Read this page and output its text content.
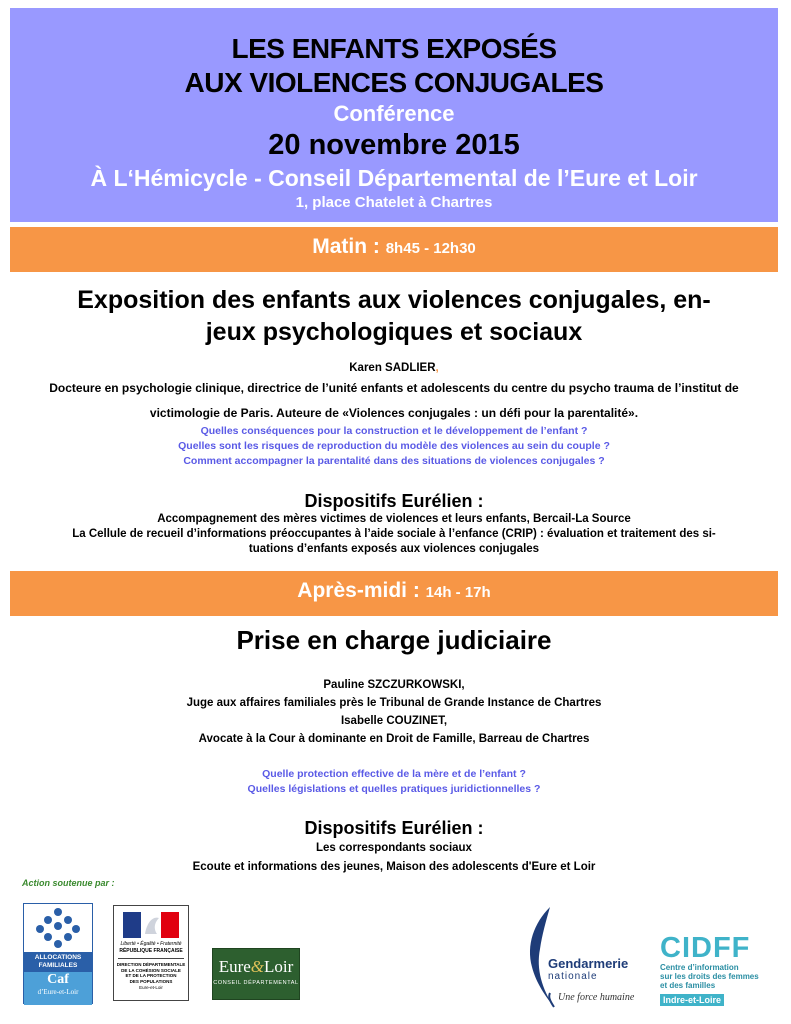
LES ENFANTS EXPOSÉS
AUX VIOLENCES CONJUGALES
Conférence
20 novembre 2015
À L‘Hémicycle - Conseil Départemental de l’Eure et Loir
1, place Chatelet à Chartres
Matin : 8h45 - 12h30
Exposition des enfants aux violences conjugales, en-
jeux psychologiques et sociaux
Karen SADLIER,
Docteure en psychologie clinique, directrice de l’unité enfants et adolescents du centre du psycho trauma de l’institut de
victimologie de Paris. Auteure de «Violences conjugales : un défi pour la parentalité».
Quelles conséquences pour la construction et le développement de l’enfant ?
Quelles sont les risques de reproduction du modèle des violences au sein du couple ?
Comment accompagner la parentalité dans des situations de violences conjugales ?
Dispositifs Eurélien :
Accompagnement des mères victimes de violences et leurs enfants, Bercail-La Source
La Cellule de recueil d’informations préoccupantes à l’aide sociale à l’enfance (CRIP) : évaluation et traitement des si-
tuations d’enfants exposés aux violences conjugales
Après-midi : 14h - 17h
Prise en charge judiciaire
Pauline SZCZURKOWSKI,
Juge aux affaires familiales près le Tribunal de Grande Instance de Chartres
Isabelle COUZINET,
Avocate à la Cour à dominante en Droit de Famille, Barreau de Chartres
Quelle protection effective de la mère et de l’enfant ?
Quelles législations et quelles pratiques juridictionnelles ?
Dispositifs Eurélien :
Les correspondants sociaux
Ecoute et informations des jeunes, Maison des adolescents d'Eure et Loir
Action soutenue par :
ALLOCATIONS
FAMILIALES
Caf
d’Eure-et-Loir
Liberté • Égalité • Fraternité
RÉPUBLIQUE FRANÇAISE
DIRECTION DÉPARTEMENTALE
DE LA COHÉSION SOCIALE
ET DE LA PROTECTION
DES POPULATIONS
Eure-et-Loir
Eure&Loir
CONSEIL DÉPARTEMENTAL
Gendarmerie
nationale
Une force humaine
CIDFF
Centre d’information
sur les droits des femmes
et des familles
Indre-et-Loire
